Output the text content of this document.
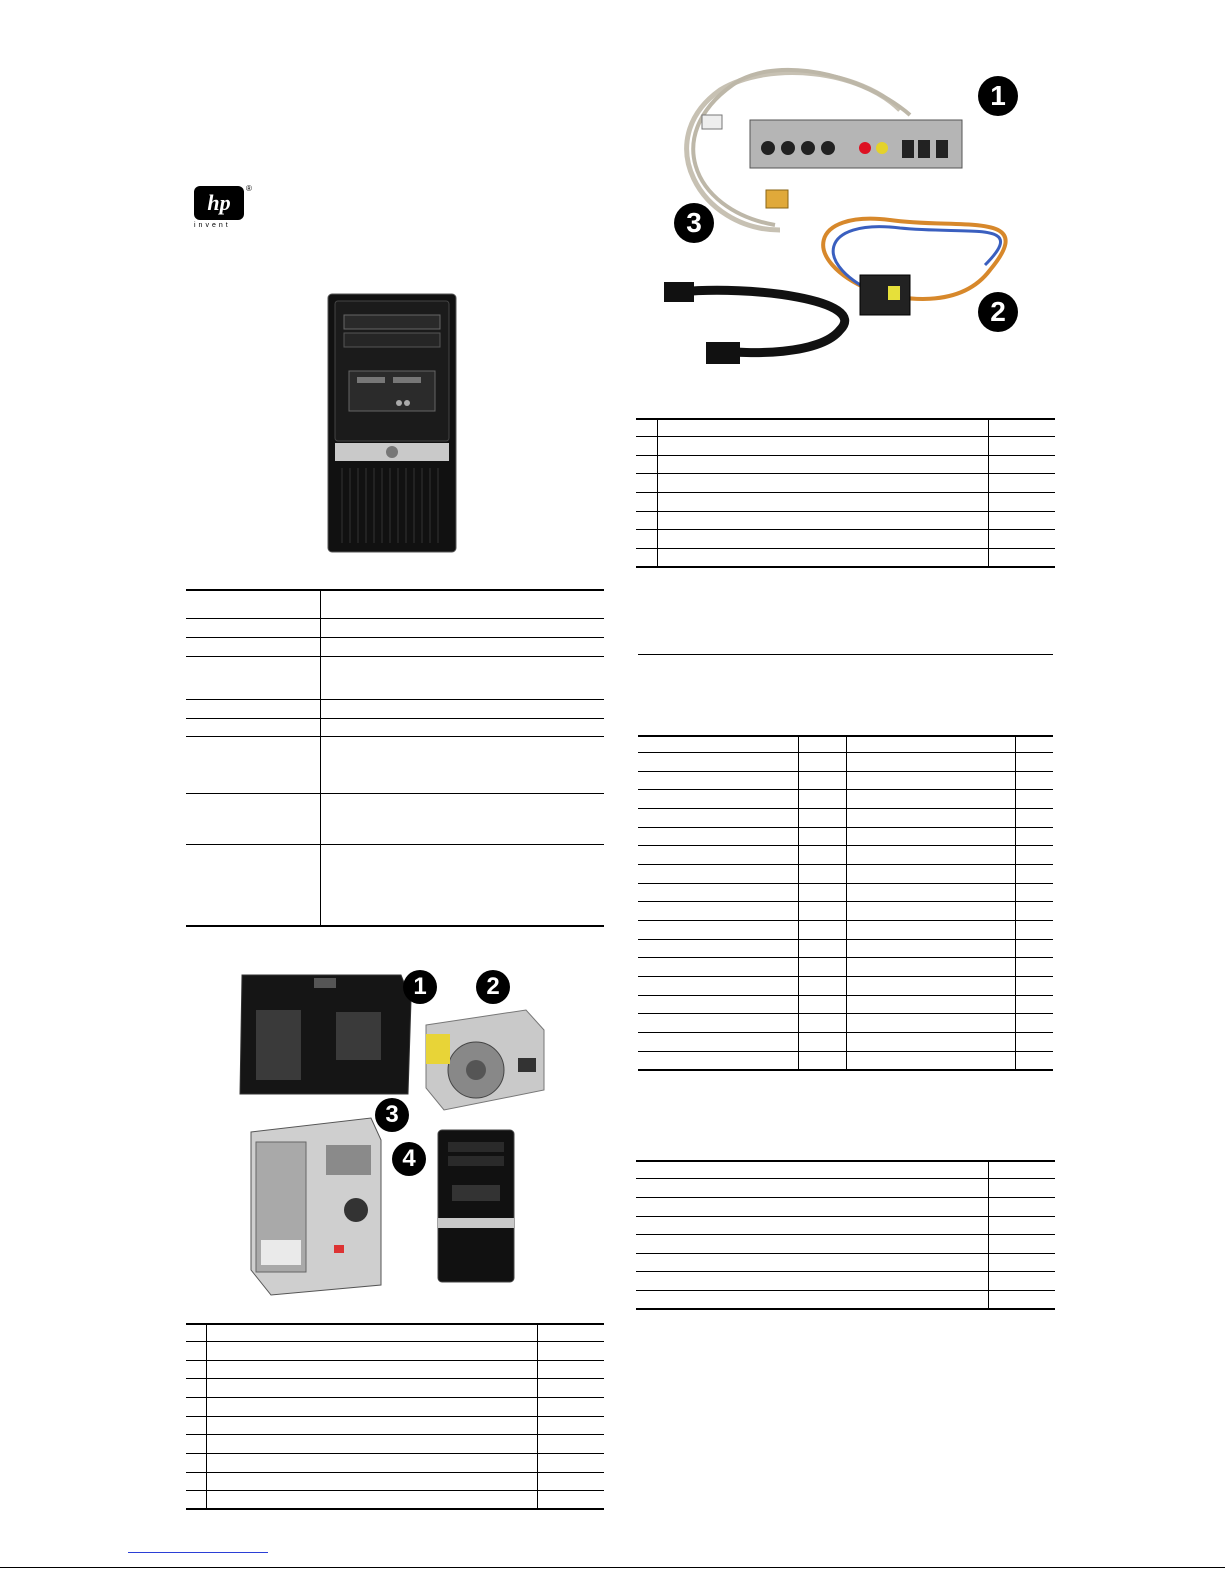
hp
®
invent
1	2
3
4
1
2
3
